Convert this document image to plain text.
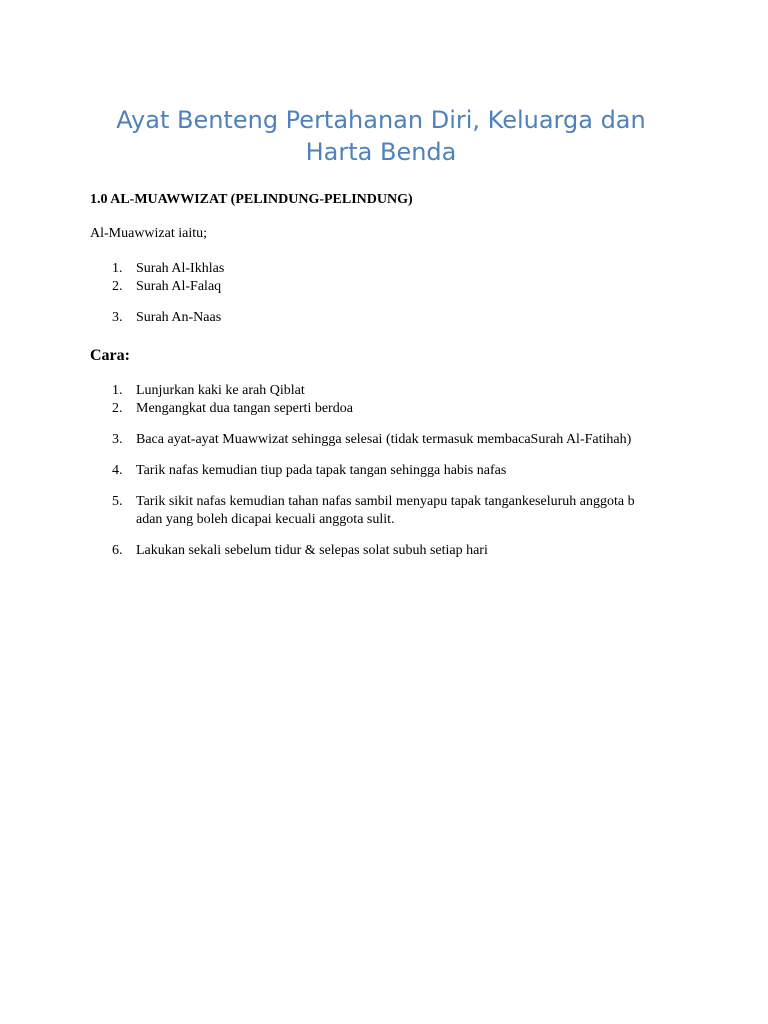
Ayat Benteng Pertahanan Diri, Keluarga dan Harta Benda

1.0 AL-MUAWWIZAT (PELINDUNG-PELINDUNG)

Al-Muawwizat iaitu;

1. Surah Al-Ikhlas
2. Surah Al-Falaq
3. Surah An-Naas

Cara:

1. Lunjurkan kaki ke arah Qiblat
2. Mengangkat dua tangan seperti berdoa
3. Baca ayat-ayat Muawwizat sehingga selesai (tidak termasuk membacaSurah Al-Fatihah)
4. Tarik nafas kemudian tiup pada tapak tangan sehingga habis nafas
5. Tarik sikit nafas kemudian tahan nafas sambil menyapu tapak tangankeseluruh anggota b
adan yang boleh dicapai kecuali anggota sulit.
6. Lakukan sekali sebelum tidur & selepas solat subuh setiap hari
